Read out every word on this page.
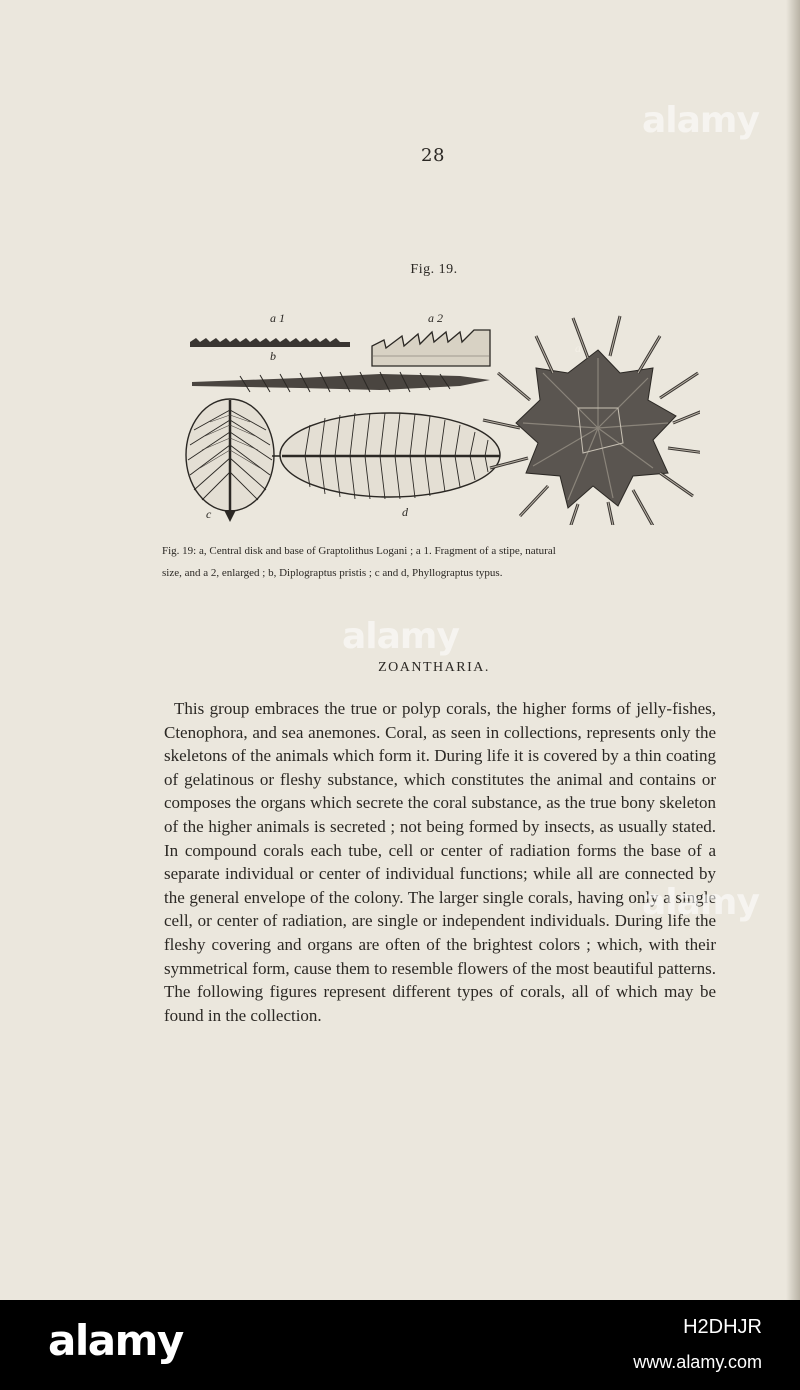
28
Fig. 19.
a 1	a 2
b
c	d
a
Fig. 19: a, Central disk and base of Graptolithus Logani ; a 1. Fragment of a stipe, natural
size, and a 2, enlarged ; b, Diplograptus pristis ; c and d, Phyllograptus typus.
ZOANTHARIA.
This group embraces the true or polyp corals, the higher forms of jelly-fishes, Ctenophora, and sea anemones. Coral, as seen in collections, represents only the skeletons of the animals which form it. During life it is covered by a thin coating of gelatinous or fleshy substance, which constitutes the animal and contains or composes the organs which secrete the coral substance, as the true bony skeleton of the higher animals is secreted ; not being formed by insects, as usually stated. In compound corals each tube, cell or center of radiation forms the base of a separate individual or center of individual functions; while all are connected by the general envelope of the colony. The larger single corals, having only a single cell, or center of radiation, are single or independent individuals. During life the fleshy covering and organs are often of the brightest colors ; which, with their symmetrical form, cause them to resemble flowers of the most beautiful patterns. The following figures represent different types of corals, all of which may be found in the collection.
alamy
alamy
alamy
alamy	H2DHJR
www.alamy.com
